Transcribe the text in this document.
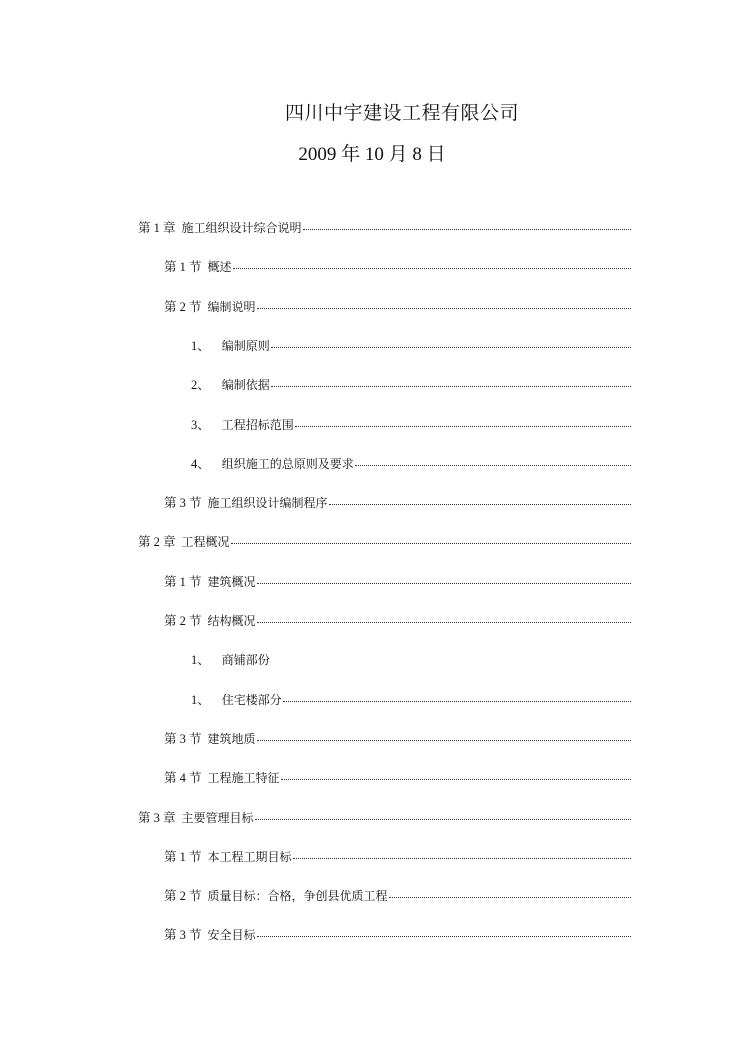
四川中宇建设工程有限公司
2009 年 10 月 8 日
第 1 章 施工组织设计综合说明
第 1 节 概述
第 2 节 编制说明
1、 编制原则
2、 编制依据
3、 工程招标范围
4、 组织施工的总原则及要求
第 3 节 施工组织设计编制程序
第 2 章 工程概况
第 1 节 建筑概况
第 2 节 结构概况
1、 商铺部份
1、 住宅楼部分
第 3 节 建筑地质
第 4 节 工程施工特征
第 3 章 主要管理目标
第 1 节 本工程工期目标
第 2 节 质量目标：合格，争创县优质工程
第 3 节 安全目标
